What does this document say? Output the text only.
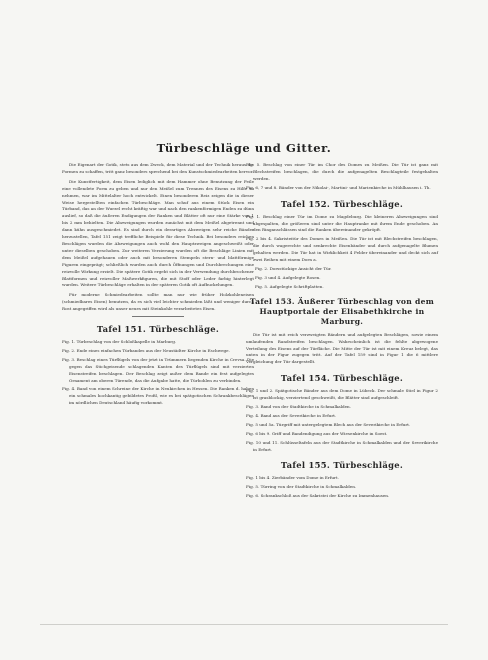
Türbeschläge und Gitter.

Die Eigenart der Gotik, stets aus dem Zweck, dem Material und der Technik heraus die Formen zu schaffen, tritt ganz besonders sprechend bei den Kunstschmiedearbeiten hervor.

Die Kunstfertigkeit, dem Eisen lediglich mit dem Hammer ohne Benutzung der Feile eine vollendete Form zu geben und nur den Meißel zum Trennen des Eisens zu Hilfe zu nehmen, war im Mittelalter hoch entwickelt. Einen besonderen Reiz zeigen die in dieser Weise hergestellten einfachen Türbeschläge. Man schuf aus einem Stück Eisen ein Türband, das an der Wurzel recht kräftig war und nach den rankenförmigen Enden zu dünn auslief, so daß die äußeren Endigungen der Ranken und Blätter oft nur eine Stärke von 1 bis 2 mm behielten. Die Abzweigungen wurden zunächst mit dem Meißel abgetrennt und dann kühn ausgeschmiedet. Es sind durch ein derartiges Abzweigen sehr reiche Bänder herzustellen, Tafel 151 zeigt treffliche Beispiele für diese Technik. Bei besonders reichen Beschlägen wurden die Abzweigungen auch wohl den Hauptzweigen angeschweißt oder unter dieselben geschoben. Zur weiteren Verzierung wurden oft die Beschläge Linien mit dem Meißel aufgehauen oder auch mit besonderen Stempeln stern- und blattförmige Figuren eingeprägt; schließlich wurden auch durch Öffnungen und Durchbrechungen eine reizvolle Wirkung erzielt. Die spätere Gotik ergeht sich in der Verwendung durchbrochener Blattformen und reizvoller Maßwerkfiguren, die mit Stoff oder Leder farbig hinterlegt wurden. Weitere Türbeschläge erhalten in der späteren Gotik oft Aufbuckelungen.

Für moderne Schmiedearbeiten sollte man nur wie früher Holzkohleneisen (schmiedbares Eisen) benutzen, da es sich viel leichter schmieden läßt und weniger durch Rost angegriffen wird als unser neues mit Steinkohle verarbeitetes Eisen.

Tafel 151. Türbeschläge.

Fig. 1. Türbeschlag von der Schloßkapelle in Marburg.

Fig. 2. Ende eines einfachen Türbandes aus der Neustädter Kirche in Eschwege.

Fig. 3. Beschlag eines Türflügels von der jetzt in Trümmern liegenden Kirche in Crevsa. Die gegen das Stichgeisende schlagenden Kanten des Türflügels sind mit verzierten Eisenstreifen beschlagen. Der Beschlag zeigt außer dem Bande ein fest aufgelegtes Ornament am oberen Türende, das die Aufgabe hatte, die Türbohlen zu verbinden.

Fig. 4. Band von einem Schreine der Kirche in Neukirchen in Hessen. Die Ranken d. haben ein schmales hochkantig gebildetes Profil, wie es bei spätgotischen Schrankbeschlägen im nördlichen Deutschland häufig vorkommt.

Fig. 5. Beschlag von einer Tür im Chor des Domes zu Meißen. Die Tür ist ganz mit Blechstreifen beschlagen, die durch die aufgenagelten Beschlagteile festgehalten werden.

Fig. 6, 7 und 8. Bänder von der Nikolai-, Martini- und Marienkirche in Mühlhausen i. Th.

Tafel 152. Türbeschläge.

Fig. 1. Beschlag einer Tür im Dome zu Magdeburg. Die kleineren Abzweigungen sind abgespalten, die größeren sind unter die Hauptranke mit ihrem Ende geschoben. An den Ringanschlässen sind die Ranken übereinander gekröpft.

Fig. 2 bis 4. Sakristeitür des Domes in Meißen. Die Tür ist mit Blechstreifen beschlagen, die durch wagerechte und senkrechte Eisenbänder und durch aufgenagelte Blumen gehalten werden. Die Tür hat in Wirklichkeit 4 Felder übereinander und deckt sich auf zwei Reihen mit einem Dorn a.

Fig. 2. Dorsstückige Ansicht der Tür.

Fig. 3 und 4. Aufgelegte Rosen.

Fig. 5. Aufgelegte Schriftplatten.

Tafel 153. Äußerer Türbeschlag von dem Hauptportale der Elisabethkirche in Marburg.

Die Tür ist mit reich verzweigten Bändern und aufgelegten Beschlägen, sowie einem umlaufenden Randstreifen beschlagen. Wahrscheinlich ist die fehlte abgewogene Verteilung des Eisens auf der Türfläche. Die Mitte der Tür ist mit einem Kreuz belegt, das unten in der Figur zugegen tritt. Auf der Tafel 159 sind in Figur 1 die 6 mittlere Vergleichung der Tür dargestellt.

Tafel 154. Türbeschläge.

Fig. 1 und 2. Spätgotische Bänder aus dem Dome in Lübeck. Der schmale Stiel in Figur 2 ist grasblockig, verziertend geschweißt, die Blätter sind aufgeschleift.

Fig. 3. Band von der Stadtkirche in Schmalkalden.

Fig. 4. Band aus der Severikirche in Erfurt.

Fig. 5 und 5a. Türgriff mit untergelegtem Blech aus der Severikirche in Erfurt.

Fig. 6 bis 9. Griff und Bandendigung aus der Wiesenkirche in Soest.

Fig. 10 und 11. Schlüsseltafeln aus der Stadtkirche in Schmalkalden und der Severikirche in Erfurt.

Tafel 155. Türbeschläge.

Fig. 1 bis 4. Zierbänder vom Dome in Erfurt.

Fig. 5. Türring von der Stadtkirche in Schmalkalden.

Fig. 6. Schrankschloß aus der Sakristei der Kirche zu Immenhausen.
